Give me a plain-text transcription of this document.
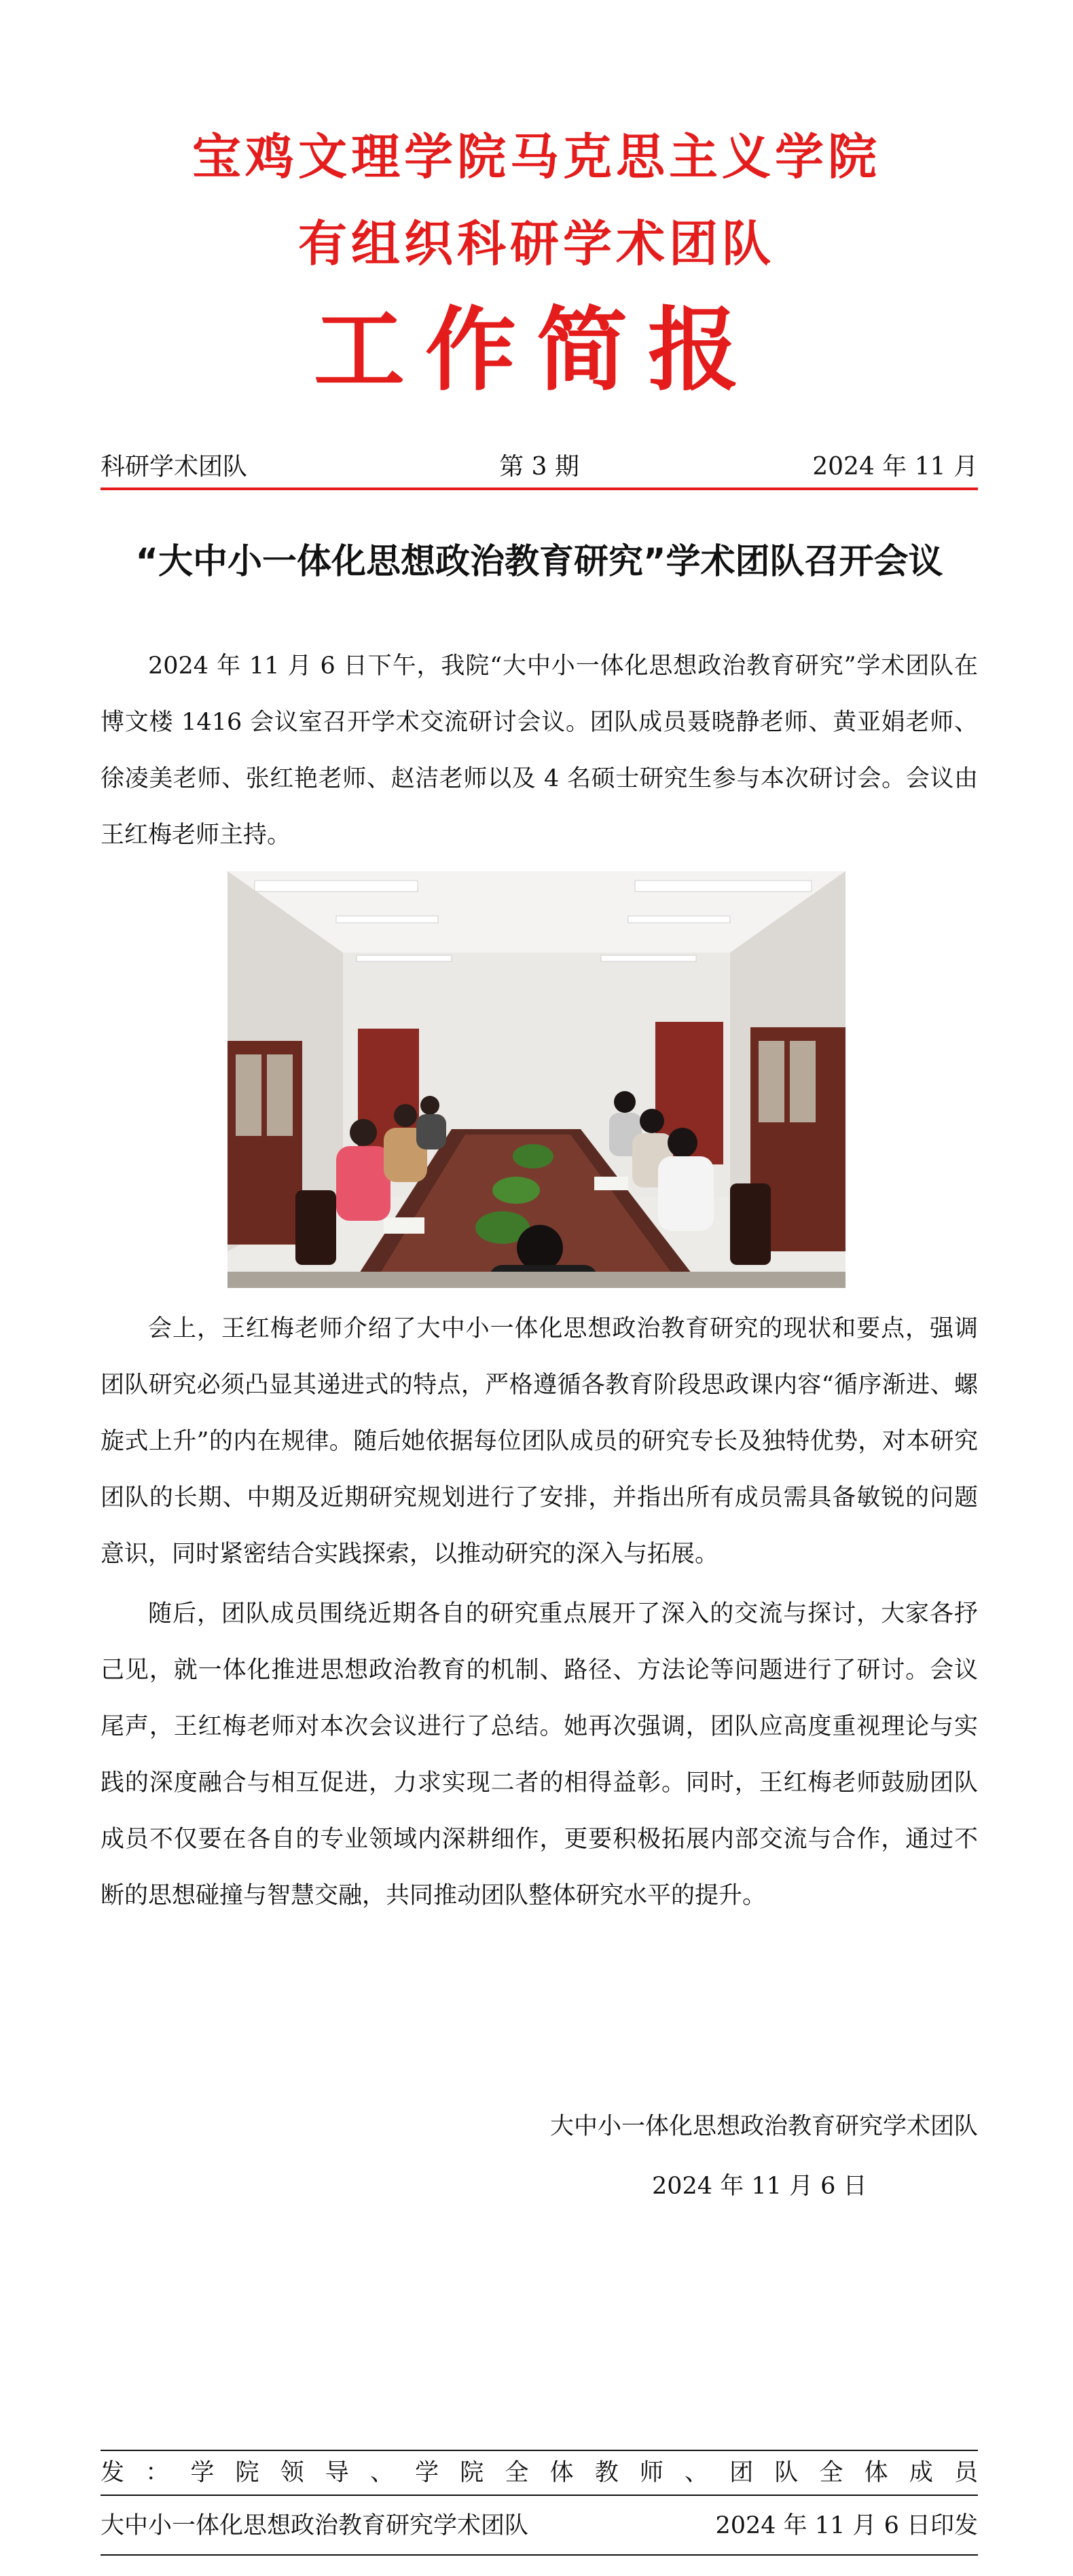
宝鸡文理学院马克思主义学院
有组织科研学术团队
工作简报
科研学术团队	第 3 期	2024 年 11 月
“大中小一体化思想政治教育研究”学术团队召开会议

2024 年 11 月 6 日下午，我院“大中小一体化思想政治教育研究”学术团队在博文楼 1416 会议室召开学术交流研讨会议。团队成员聂晓静老师、黄亚娟老师、徐凌美老师、张红艳老师、赵洁老师以及 4 名硕士研究生参与本次研讨会。会议由王红梅老师主持。

会上，王红梅老师介绍了大中小一体化思想政治教育研究的现状和要点，强调团队研究必须凸显其递进式的特点，严格遵循各教育阶段思政课内容“循序渐进、螺旋式上升”的内在规律。随后她依据每位团队成员的研究专长及独特优势，对本研究团队的长期、中期及近期研究规划进行了安排，并指出所有成员需具备敏锐的问题意识，同时紧密结合实践探索，以推动研究的深入与拓展。

随后，团队成员围绕近期各自的研究重点展开了深入的交流与探讨，大家各抒己见，就一体化推进思想政治教育的机制、路径、方法论等问题进行了研讨。会议尾声，王红梅老师对本次会议进行了总结。她再次强调，团队应高度重视理论与实践的深度融合与相互促进，力求实现二者的相得益彰。同时，王红梅老师鼓励团队成员不仅要在各自的专业领域内深耕细作，更要积极拓展内部交流与合作，通过不断的思想碰撞与智慧交融，共同推动团队整体研究水平的提升。

大中小一体化思想政治教育研究学术团队
2024 年 11 月 6 日
发 ： 学 院 领 导 、 学 院 全 体 教 师 、 团 队 全 体 成 员
大中小一体化思想政治教育研究学术团队	2024 年 11 月 6 日印发
